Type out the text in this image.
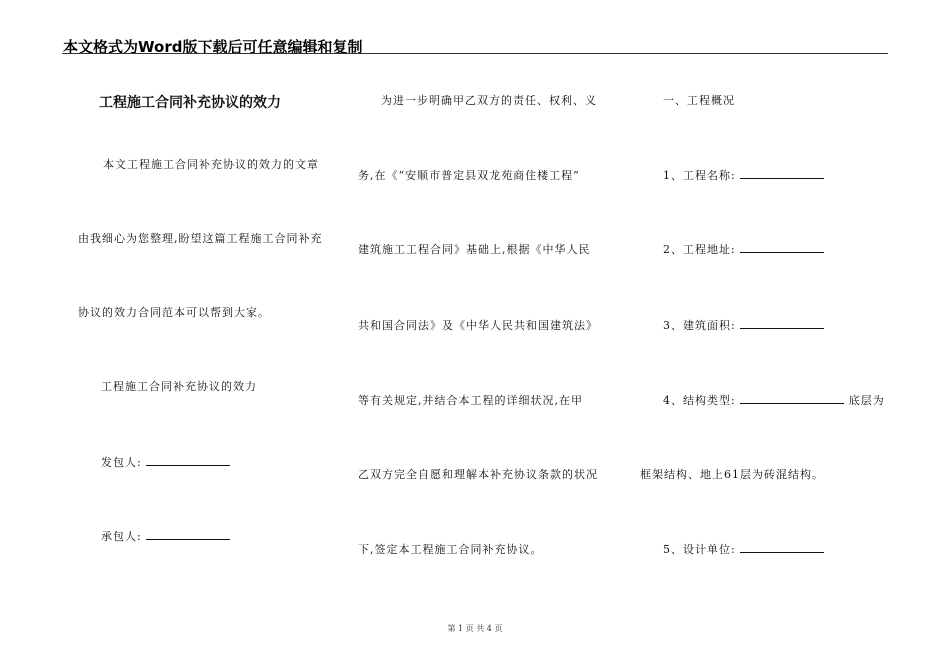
本文格式为Word版下载后可任意编辑和复制
工程施工合同补充协议的效力
本文工程施工合同补充协议的效力的文章
由我细心为您整理,盼望这篇工程施工合同补充
协议的效力合同范本可以帮到大家。
工程施工合同补充协议的效力
发包人:
承包人:
为进一步明确甲乙双方的责任、权利、义
务,在《“安顺市普定县双龙苑商住楼工程”
建筑施工工程合同》基础上,根据《中华人民
共和国合同法》及《中华人民共和国建筑法》
等有关规定,并结合本工程的详细状况,在甲
乙双方完全自愿和理解本补充协议条款的状况
下,签定本工程施工合同补充协议。
一、工程概况
1、工程名称:
2、工程地址:
3、建筑面积:
4、结构类型:	底层为
框架结构、地上61层为砖混结构。
5、设计单位:
第 1 页 共 4 页
